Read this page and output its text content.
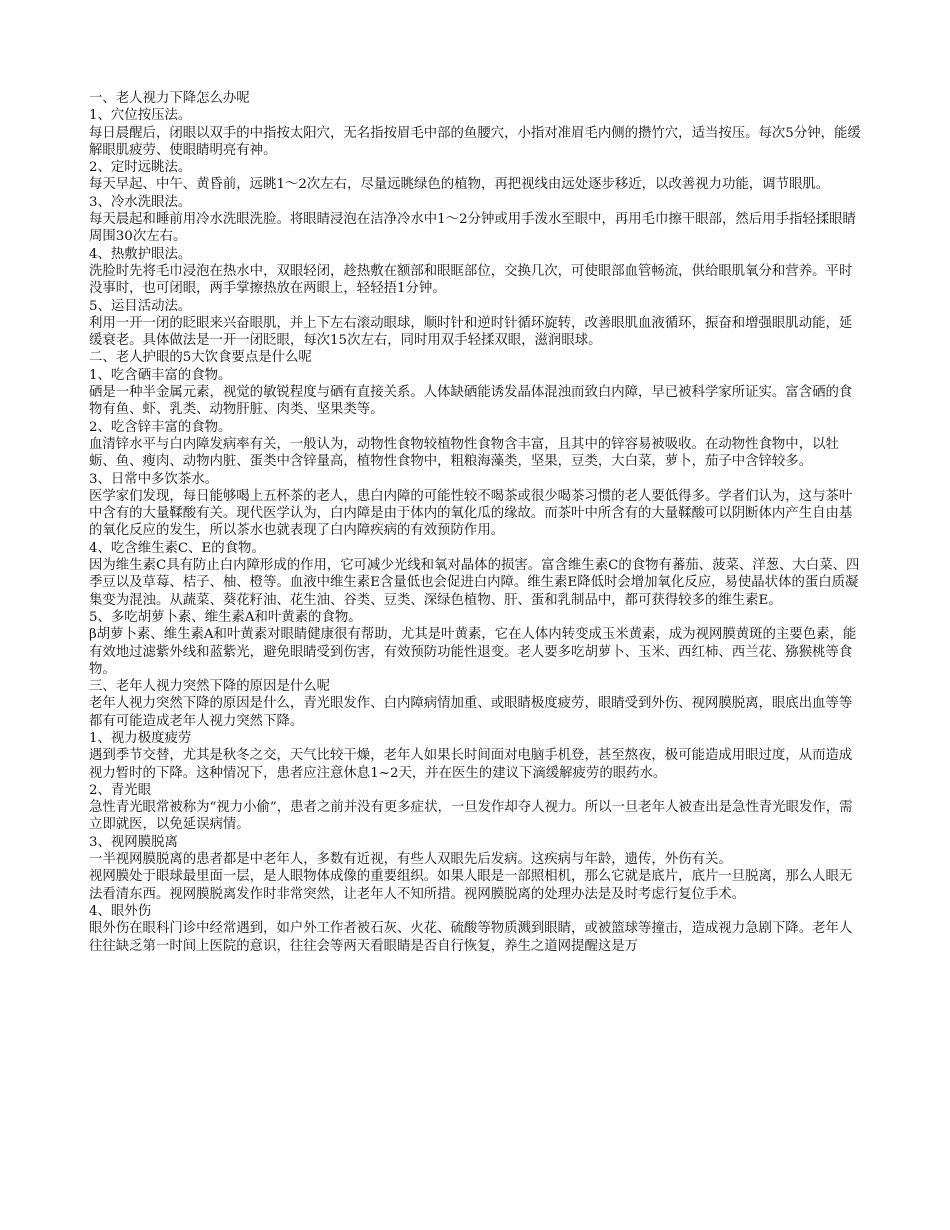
一、老人视力下降怎么办呢

1、穴位按压法。

每日晨醒后，闭眼以双手的中指按太阳穴，无名指按眉毛中部的鱼腰穴，小指对准眉毛内侧的攒竹穴，适当按压。每次5分钟，能缓解眼肌疲劳、使眼睛明亮有神。

2、定时远眺法。

每天早起、中午、黄昏前，远眺1～2次左右，尽量远眺绿色的植物，再把视线由远处逐步移近，以改善视力功能，调节眼肌。

3、冷水洗眼法。

每天晨起和睡前用冷水洗眼洗脸。将眼睛浸泡在洁净冷水中1～2分钟或用手泼水至眼中，再用毛巾擦干眼部，然后用手指轻揉眼睛周围30次左右。

4、热敷护眼法。

洗脸时先将毛巾浸泡在热水中，双眼轻闭，趁热敷在额部和眼眶部位，交换几次，可使眼部血管畅流，供给眼肌氧分和营养。平时没事时，也可闭眼，两手掌擦热放在两眼上，轻轻捂1分钟。

5、运目活动法。

利用一开一闭的眨眼来兴奋眼肌，并上下左右滚动眼球，顺时针和逆时针循环旋转，改善眼肌血液循环，振奋和增强眼肌动能，延缓衰老。具体做法是一开一闭眨眼，每次15次左右，同时用双手轻揉双眼，滋润眼球。

二、老人护眼的5大饮食要点是什么呢

1、吃含硒丰富的食物。

硒是一种半金属元素，视觉的敏锐程度与硒有直接关系。人体缺硒能诱发晶体混浊而致白内障，早已被科学家所证实。富含硒的食物有鱼、虾、乳类、动物肝脏、肉类、坚果类等。

2、吃含锌丰富的食物。

血清锌水平与白内障发病率有关，一般认为，动物性食物较植物性食物含丰富，且其中的锌容易被吸收。在动物性食物中，以牡蛎、鱼、瘦肉、动物内脏、蛋类中含锌量高，植物性食物中，粗粮海藻类，坚果，豆类，大白菜，萝卜，茄子中含锌较多。

3、日常中多饮茶水。

医学家们发现，每日能够喝上五杯茶的老人，患白内障的可能性较不喝茶或很少喝茶习惯的老人要低得多。学者们认为，这与茶叶中含有的大量鞣酸有关。现代医学认为，白内障是由于体内的氧化瓜的缘故。而茶叶中所含有的大量鞣酸可以阴断体内产生自由基的氧化反应的发生，所以茶水也就表现了白内障疾病的有效预防作用。

4、吃含维生素C、E的食物。

因为维生素C具有防止白内障形成的作用，它可减少光线和氧对晶体的损害。富含维生素C的食物有蕃茄、菠菜、洋葱、大白菜、四季豆以及草莓、桔子、柚、橙等。血液中维生素E含量低也会促进白内障。维生素E降低时会增加氧化反应，易使晶状体的蛋白质凝集变为混浊。从蔬菜、葵花籽油、花生油、谷类、豆类、深绿色植物、肝、蛋和乳制品中，都可获得较多的维生素E。

5、多吃胡萝卜素、维生素A和叶黄素的食物。

β胡萝卜素、维生素A和叶黄素对眼睛健康很有帮助，尤其是叶黄素，它在人体内转变成玉米黄素，成为视网膜黄斑的主要色素，能有效地过滤紫外线和蓝紫光，避免眼睛受到伤害，有效预防功能性退变。老人要多吃胡萝卜、玉米、西红柿、西兰花、猕猴桃等食物。

三、老年人视力突然下降的原因是什么呢

老年人视力突然下降的原因是什么，青光眼发作、白内障病情加重、或眼睛极度疲劳，眼睛受到外伤、视网膜脱离，眼底出血等等都有可能造成老年人视力突然下降。

1、视力极度疲劳

遇到季节交替，尤其是秋冬之交，天气比较干燥，老年人如果长时间面对电脑手机登，甚至熬夜，极可能造成用眼过度，从而造成视力暂时的下降。这种情况下，患者应注意休息1~2天，并在医生的建议下滴缓解疲劳的眼药水。

2、青光眼

急性青光眼常被称为“视力小偷”，患者之前并没有更多症状，一旦发作却夺人视力。所以一旦老年人被查出是急性青光眼发作，需立即就医，以免延误病情。

3、视网膜脱离

一半视网膜脱离的患者都是中老年人，多数有近视，有些人双眼先后发病。这疾病与年龄，遗传，外伤有关。

视网膜处于眼球最里面一层，是人眼物体成像的重要组织。如果人眼是一部照相机，那么它就是底片，底片一旦脱离，那么人眼无法看清东西。视网膜脱离发作时非常突然，让老年人不知所措。视网膜脱离的处理办法是及时考虑行复位手术。

4、眼外伤

眼外伤在眼科门诊中经常遇到，如户外工作者被石灰、火花、硫酸等物质溅到眼睛，或被篮球等撞击，造成视力急剧下降。老年人往往缺乏第一时间上医院的意识，往往会等两天看眼睛是否自行恢复，养生之道网提醒这是万
